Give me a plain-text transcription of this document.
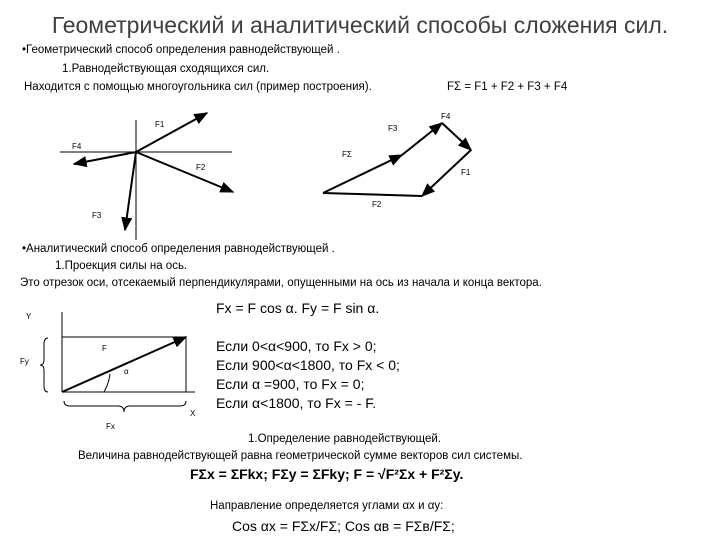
Геометрический и аналитический способы сложения сил.
•Геометрический способ определения равнодействующей .
1.Равнодействующая сходящихся сил.
Находится с помощью многоугольника сил (пример построения).	FΣ = F1 + F2 + F3 + F4
F1
F2
F3
F4
F4
F3
FΣ
F1
F2
•Аналитический способ определения равнодействующей .
1.Проекция силы на ось.
Это отрезок оси, отсекаемый перпендикулярами, опущенными на ось из начала и конца вектора.
Fx = F cos α. Fy = F sin α.
Y
X
F
Fy
Fx
α
Если 0<α<900, то Fx > 0;
Если 900<α<1800, то Fx < 0;
Если α =900, то Fx = 0;
Если α<1800, то Fx = - F.
1.Определение равнодействующей.
Величина равнодействующей равна геометрической сумме векторов сил системы.
FΣx = ΣFkx; FΣy = ΣFky; F = √F²Σx + F²Σy.
Направление определяется углами αx и αy:
Cos αx = FΣx/FΣ; Cos αв = FΣв/FΣ;
